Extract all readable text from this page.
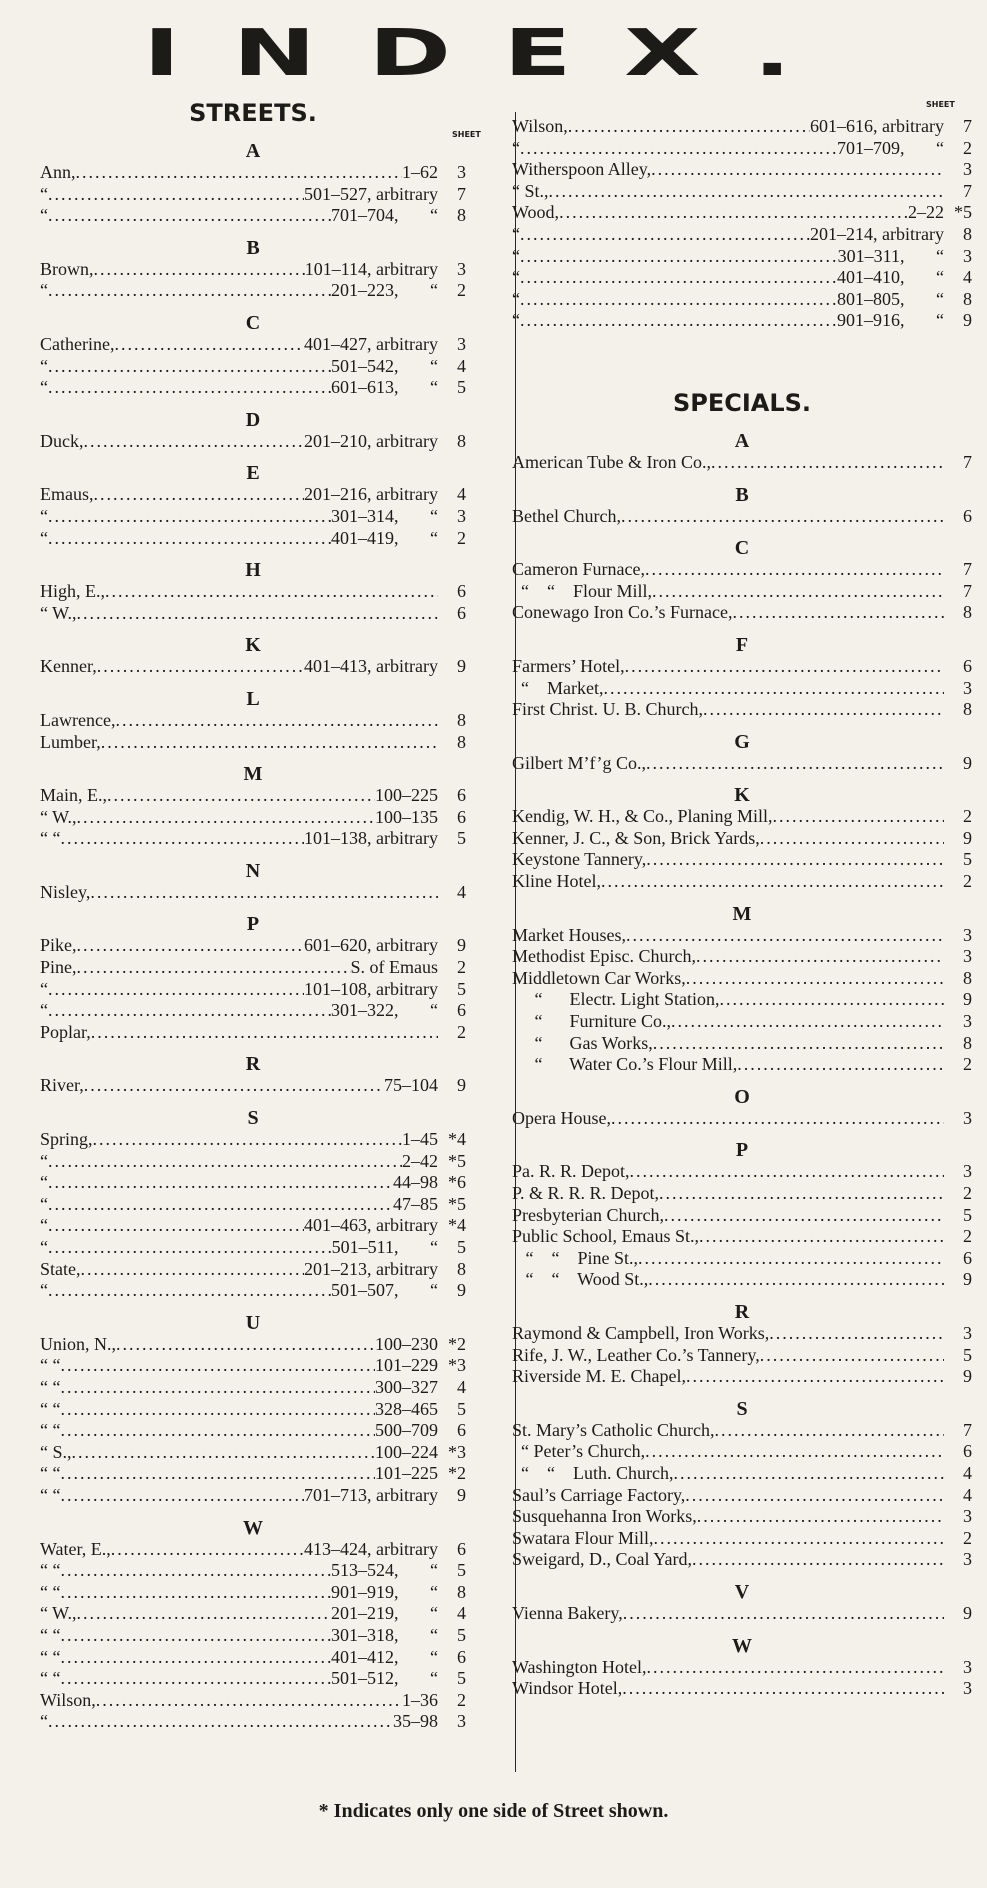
INDEX.
STREETS.
A
Ann, .....	1–62	3
“ .....	501–527, arbitrary	7
“ .....	701–704,       “	8
B
Brown, .....	101–114, arbitrary	3
“ .....	201–223,       “	2
C
Catherine, .....	401–427, arbitrary	3
“ .....	501–542,       “	4
“ .....	601–613,       “	5
D
Duck, .....	201–210, arbitrary	8
E
Emaus, .....	201–216, arbitrary	4
“ .....	301–314,       “	3
“ .....	401–419,       “	2
H
High, E., .....	6
“ W., .....	6
K
Kenner, .....	401–413, arbitrary	9
L
Lawrence, .....	8
Lumber, .....	8
M
Main, E., .....	100–225	6
“ W., .....	100–135	6
“ “ .....	101–138, arbitrary	5
N
Nisley, .....	4
P
Pike, .....	601–620, arbitrary	9
Pine, .....	S. of Emaus	2
“ .....	101–108, arbitrary	5
“ .....	301–322,       “	6
Poplar, .....	2
R
River, .....	75–104	9
S
Spring, .....	1–45 *4
“ .....	2–42 *5
“ .....	44–98 *6
“ .....	47–85 *5
“ .....	401–463, arbitrary *4
“ .....	501–511,       “	5
State, .....	201–213, arbitrary	8
“ .....	501–507,       “	9
U
Union, N., .....	100–230 *2
“ “ .....	101–229 *3
“ “ .....	300–327	4
“ “ .....	328–465	5
“ “ .....	500–709	6
“ S., .....	100–224 *3
“ “ .....	101–225 *2
“ “ .....	701–713, arbitrary	9
W
Water, E., .....	413–424, arbitrary	6
“ “ .....	513–524,       “	5
“ “ .....	901–919,       “	8
“ W., .....	201–219,       “	4
“ “ .....	301–318,       “	5
“ “ .....	401–412,       “	6
“ “ .....	501–512,       “	5
Wilson, .....	1–36	2
“ .....	35–98	3
SHEET
SHEET
Wilson, .....	601–616, arbitrary	7
“ .....	701–709,       “	2
Witherspoon Alley, .....	3
“ St., .....	7
Wood, .....	2–22 *5
“ .....	201–214, arbitrary	8
“ .....	301–311,       “	3
“ .....	401–410,       “	4
“ .....	801–805,       “	8
“ .....	901–916,       “	9
SPECIALS.
A
American Tube & Iron Co., .....	7
B
Bethel Church, .....	6
C
Cameron Furnace, .....	7
“    “    Flour Mill, .....	7
Conewago Iron Co.’s Furnace, .....	8
F
Farmers’ Hotel, .....	6
“    Market, .....	3
First Christ. U. B. Church, .....	8
G
Gilbert M’f’g Co., .....	9
K
Kendig, W. H., & Co., Planing Mill, .....	2
Kenner, J. C., & Son, Brick Yards, .....	9
Keystone Tannery, .....	5
Kline Hotel, .....	2
M
Market Houses, .....	3
Methodist Episc. Church, .....	3
Middletown Car Works, .....	8
“      Electr. Light Station, .....	9
“      Furniture Co., .....	3
“      Gas Works, .....	8
“      Water Co.’s Flour Mill, .....	2
O
Opera House, .....	3
P
Pa. R. R. Depot, .....	3
P. & R. R. R. Depot, .....	2
Presbyterian Church, .....	5
Public School, Emaus St., .....	2
“    “    Pine St., .....	6
“    “    Wood St., .....	9
R
Raymond & Campbell, Iron Works, .....	3
Rife, J. W., Leather Co.’s Tannery, .....	5
Riverside M. E. Chapel, .....	9
S
St. Mary’s Catholic Church, .....	7
“ Peter’s Church, .....	6
“    “    Luth. Church, .....	4
Saul’s Carriage Factory, .....	4
Susquehanna Iron Works, .....	3
Swatara Flour Mill, .....	2
Sweigard, D., Coal Yard, .....	3
V
Vienna Bakery, .....	9
W
Washington Hotel, .....	3
Windsor Hotel, .....	3
* Indicates only one side of Street shown.
